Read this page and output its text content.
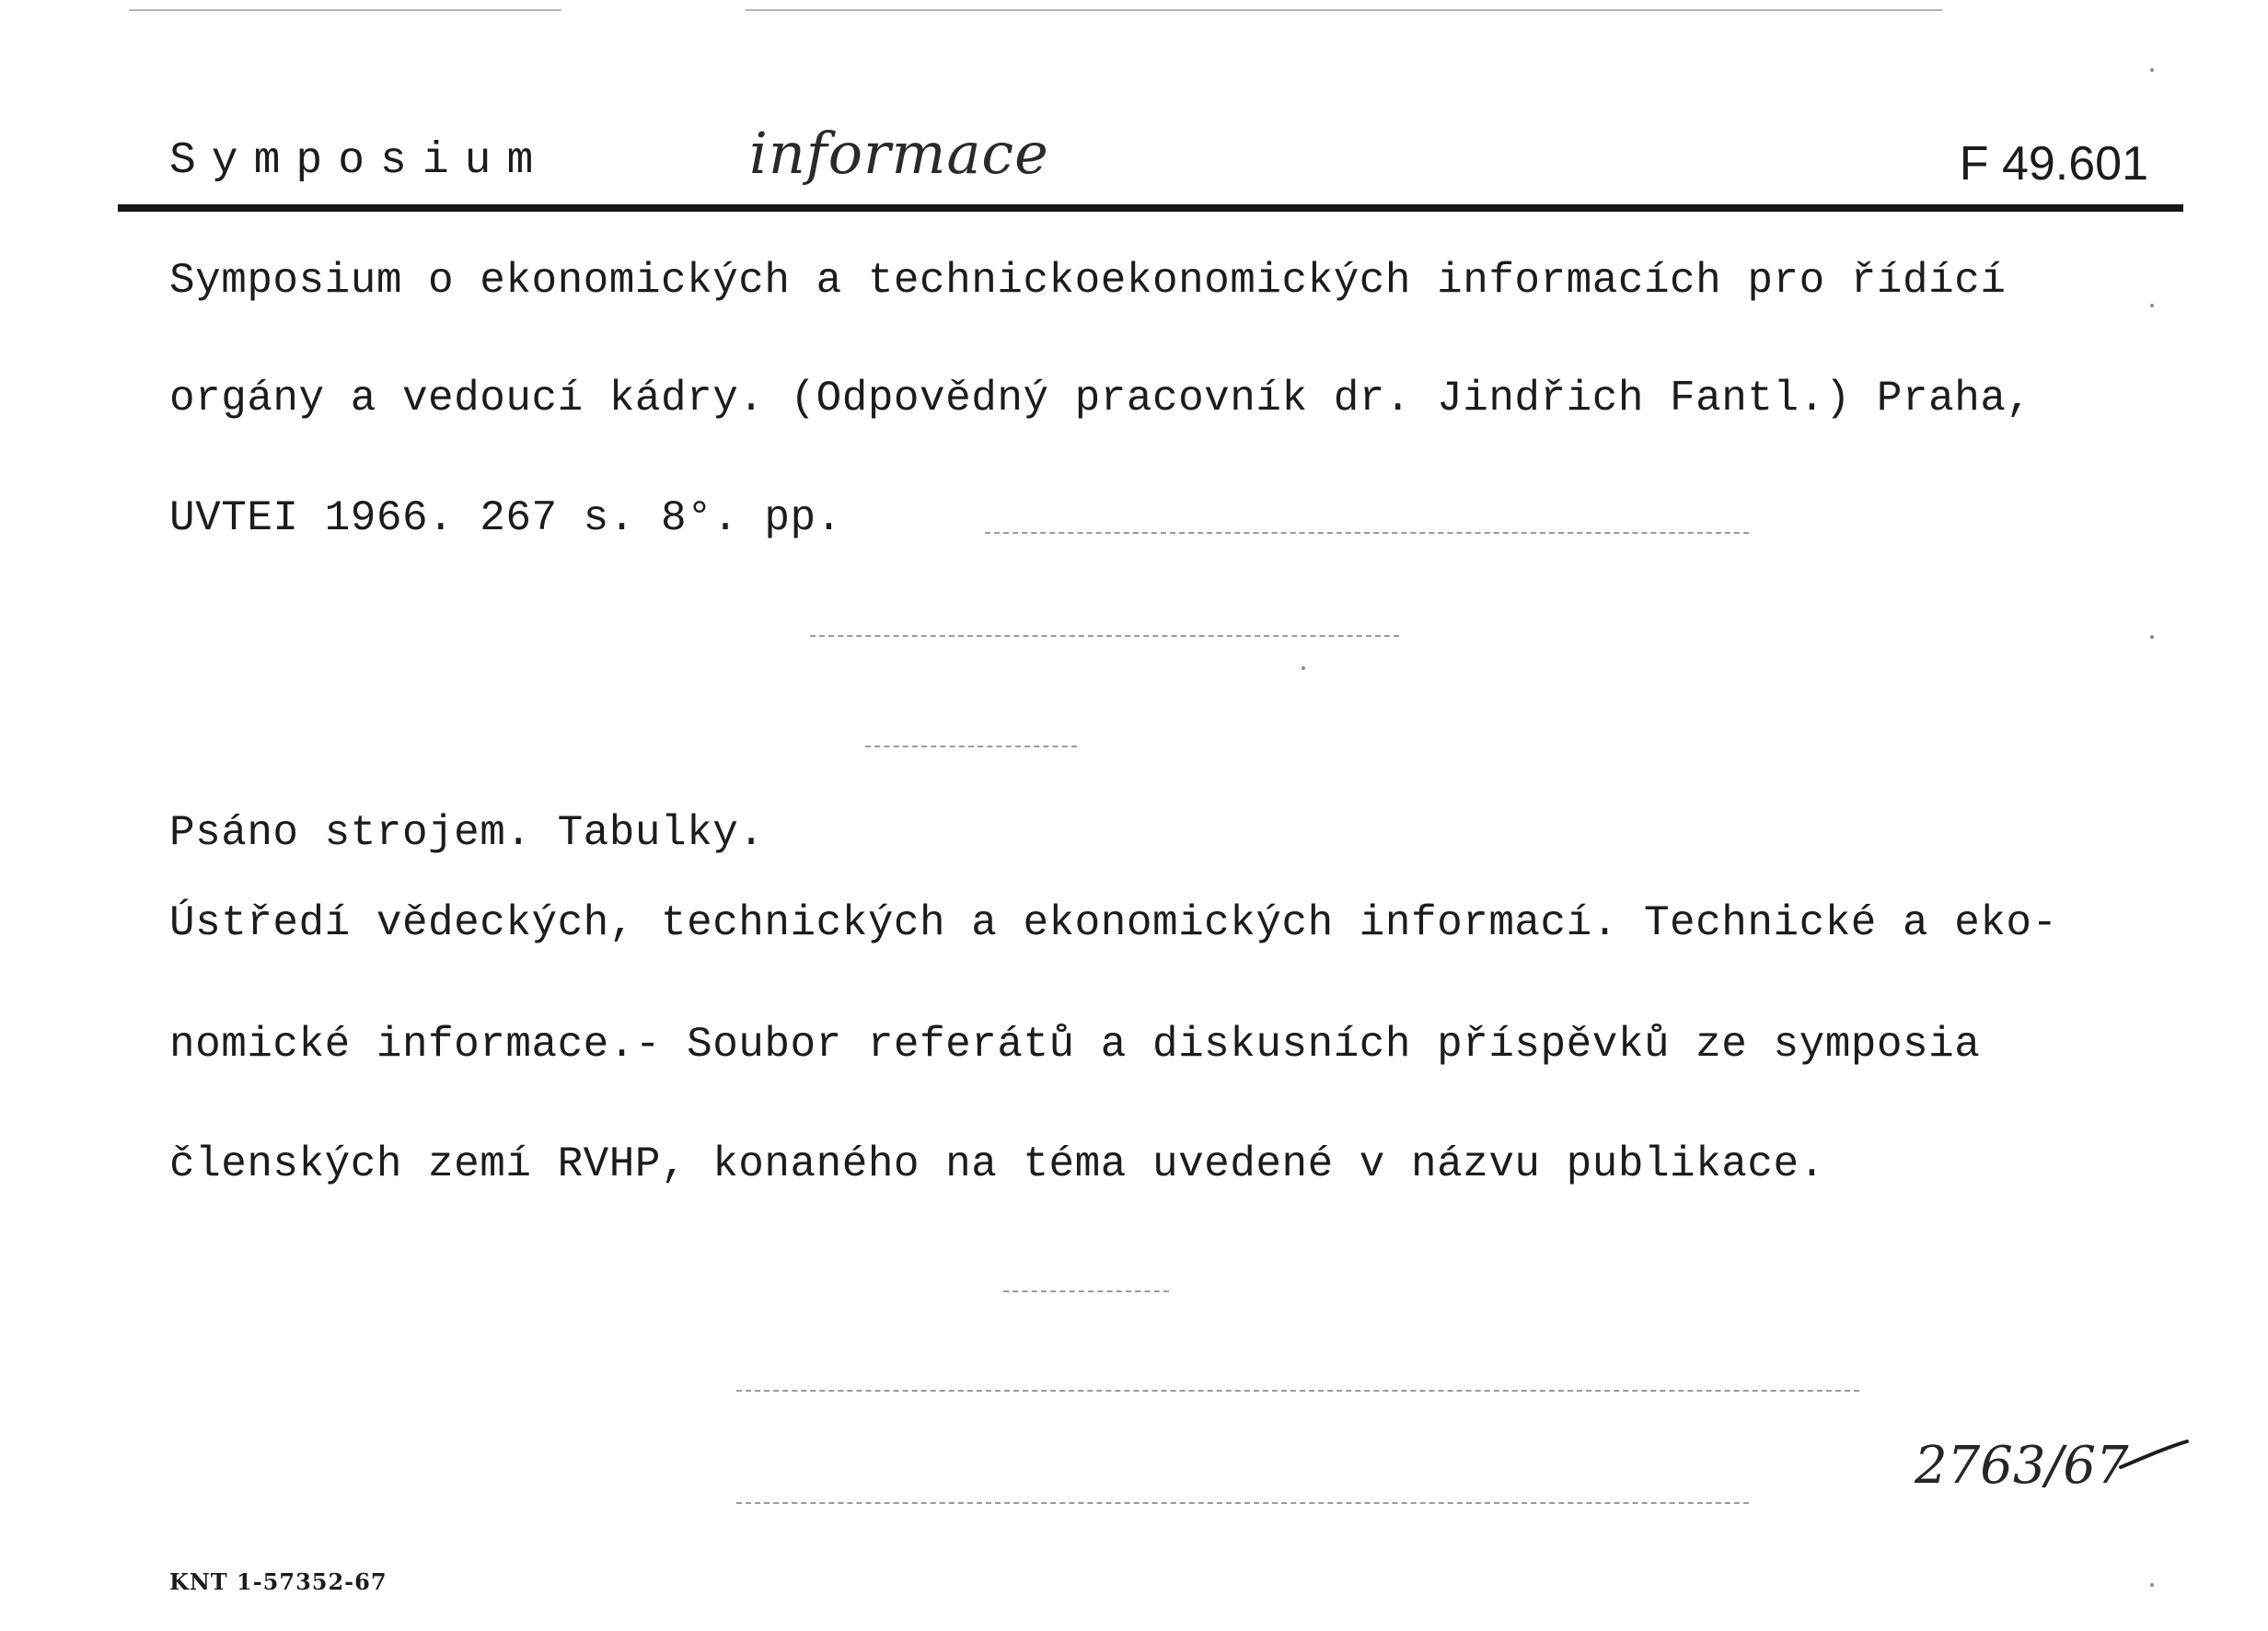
Symposium	informace	F 49.601
Symposium o ekonomických a technickoekonomických informacích pro řídící
orgány a vedoucí kádry. (Odpovědný pracovník dr. Jindřich Fantl.) Praha,
UVTEI 1966. 267 s. 8°. pp.
Psáno strojem. Tabulky.
Ústředí vědeckých, technických a ekonomických informací. Technické a eko-
nomické informace.- Soubor referátů a diskusních příspěvků ze symposia
členských zemí RVHP, konaného na téma uvedené v názvu publikace.
2763/67
KNT 1-57352-67
